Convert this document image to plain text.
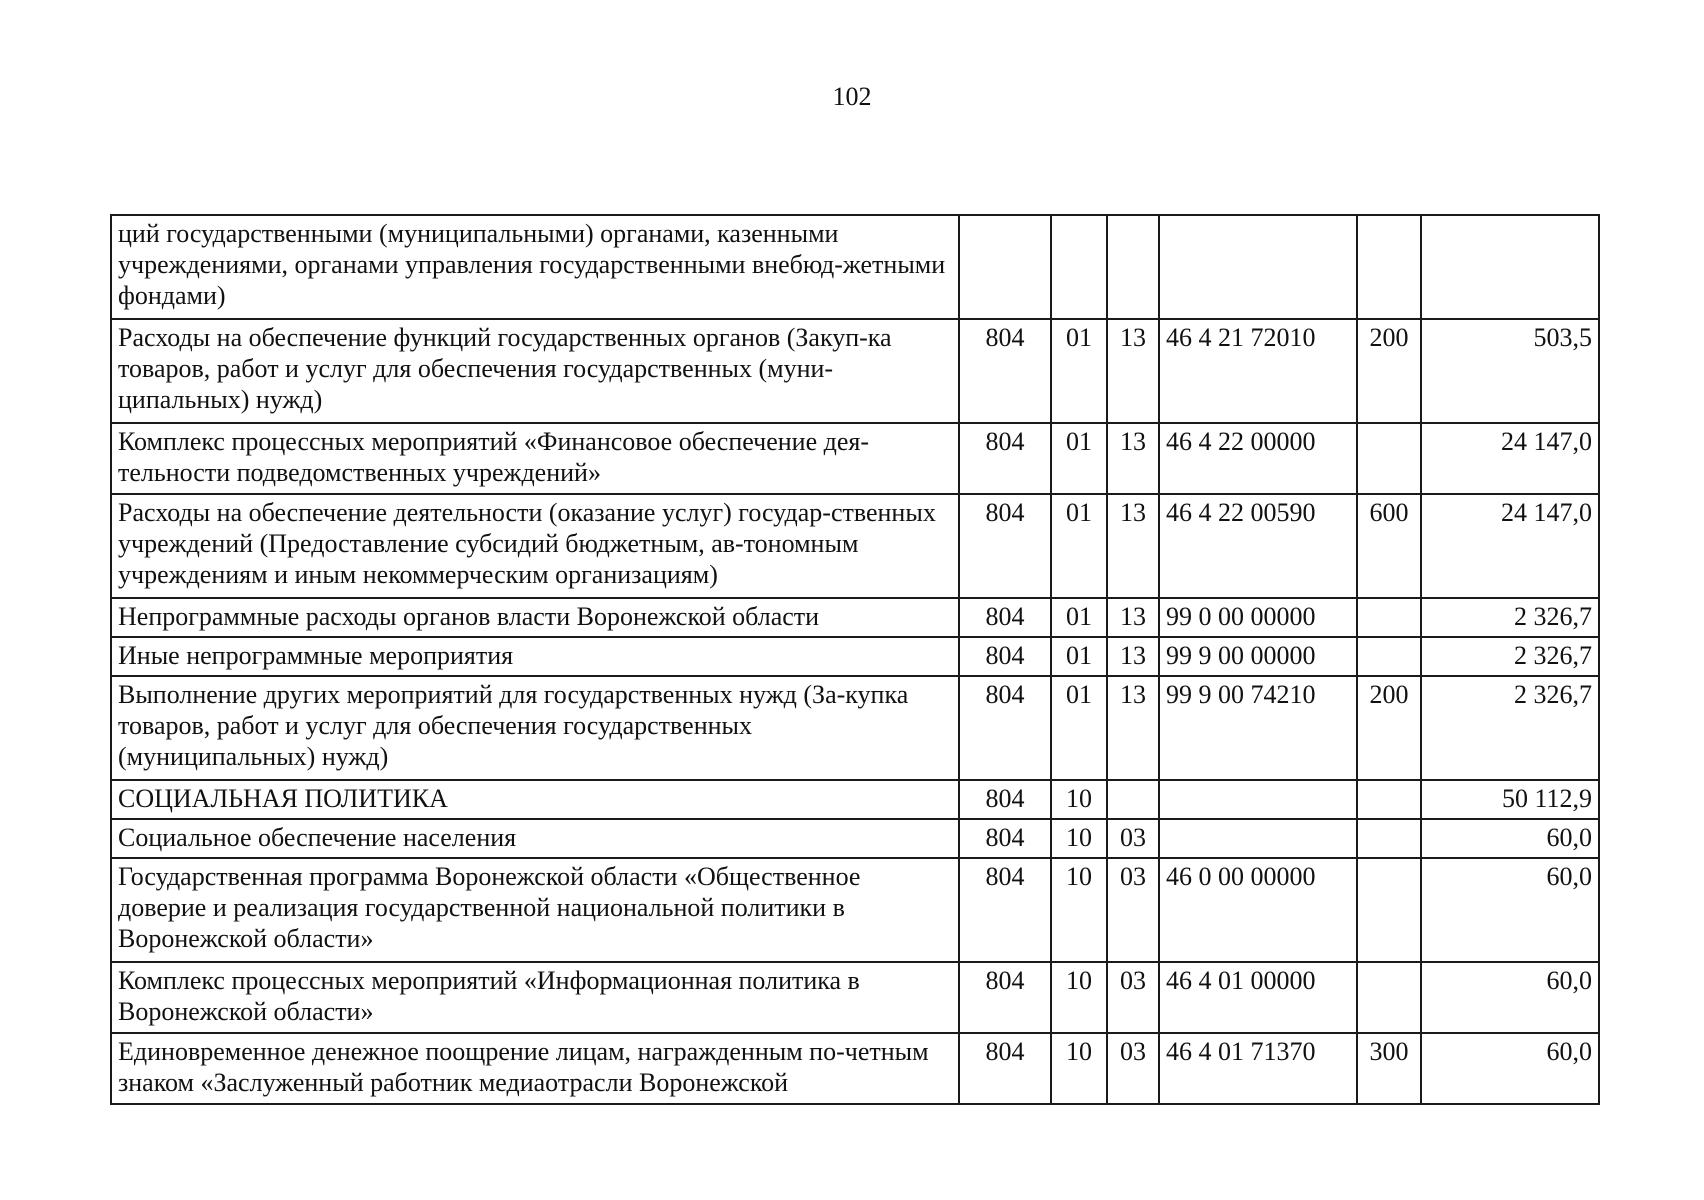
102
ций государственными (муниципальными) органами, казенными учреждениями, органами управления государственными внебюд-жетными фондами)						
Расходы на обеспечение функций государственных органов (Закуп-ка товаров, работ и услуг для обеспечения государственных (муни-ципальных) нужд)	804	01	13	46 4 21 72010	200	503,5
Комплекс процессных мероприятий «Финансовое обеспечение дея-тельности подведомственных учреждений»	804	01	13	46 4 22 00000		24 147,0
Расходы на обеспечение деятельности (оказание услуг) государ-ственных учреждений (Предоставление субсидий бюджетным, ав-тономным учреждениям и иным некоммерческим организациям)	804	01	13	46 4 22 00590	600	24 147,0
Непрограммные расходы органов власти Воронежской области	804	01	13	99 0 00 00000		2 326,7
Иные непрограммные мероприятия	804	01	13	99 9 00 00000		2 326,7
Выполнение других мероприятий для государственных нужд (За-купка товаров, работ и услуг для обеспечения государственных (муниципальных) нужд)	804	01	13	99 9 00 74210	200	2 326,7
СОЦИАЛЬНАЯ ПОЛИТИКА	804	10				50 112,9
Социальное обеспечение населения	804	10	03			60,0
Государственная программа Воронежской области «Общественное доверие и реализация государственной национальной политики в Воронежской области»	804	10	03	46 0 00 00000		60,0
Комплекс процессных мероприятий «Информационная политика в Воронежской области»	804	10	03	46 4 01 00000		60,0
Единовременное денежное поощрение лицам, награжденным по-четным знаком «Заслуженный работник медиаотрасли Воронежской	804	10	03	46 4 01 71370	300	60,0
